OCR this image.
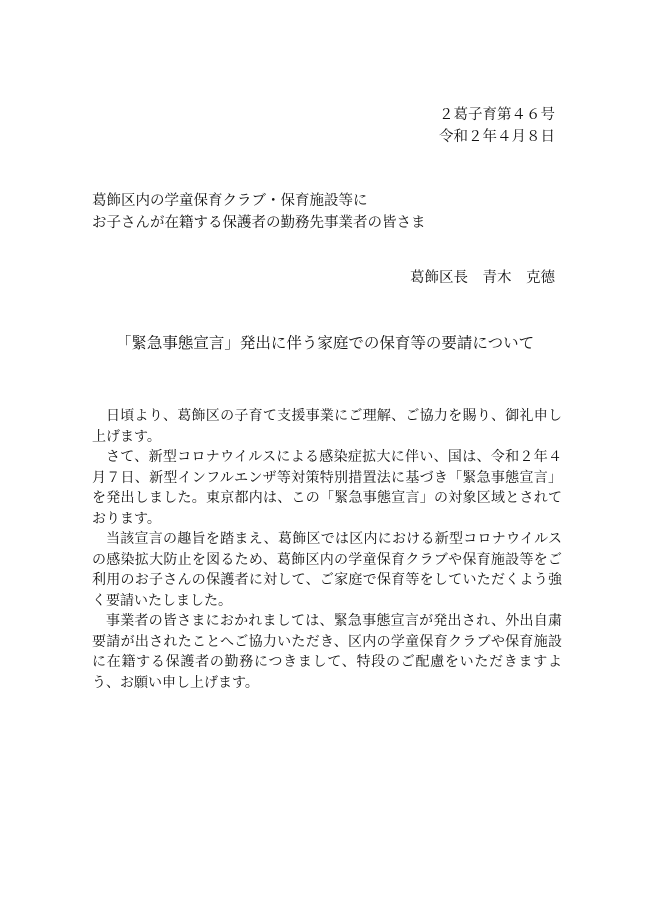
２葛子育第４６号
令和２年４月８日
葛飾区内の学童保育クラブ・保育施設等に
お子さんが在籍する保護者の勤務先事業者の皆さま
葛飾区長　青木　克德
「緊急事態宣言」発出に伴う家庭での保育等の要請について

日頃より、葛飾区の子育て支援事業にご理解、ご協力を賜り、御礼申し上げます。

さて、新型コロナウイルスによる感染症拡大に伴い、国は、令和２年４月７日、新型インフルエンザ等対策特別措置法に基づき「緊急事態宣言」を発出しました。東京都内は、この「緊急事態宣言」の対象区域とされております。

当該宣言の趣旨を踏まえ、葛飾区では区内における新型コロナウイルスの感染拡大防止を図るため、葛飾区内の学童保育クラブや保育施設等をご利用のお子さんの保護者に対して、ご家庭で保育等をしていただくよう強く要請いたしました。

事業者の皆さまにおかれましては、緊急事態宣言が発出され、外出自粛要請が出されたことへご協力いただき、区内の学童保育クラブや保育施設に在籍する保護者の勤務につきまして、特段のご配慮をいただきますよう、お願い申し上げます。
